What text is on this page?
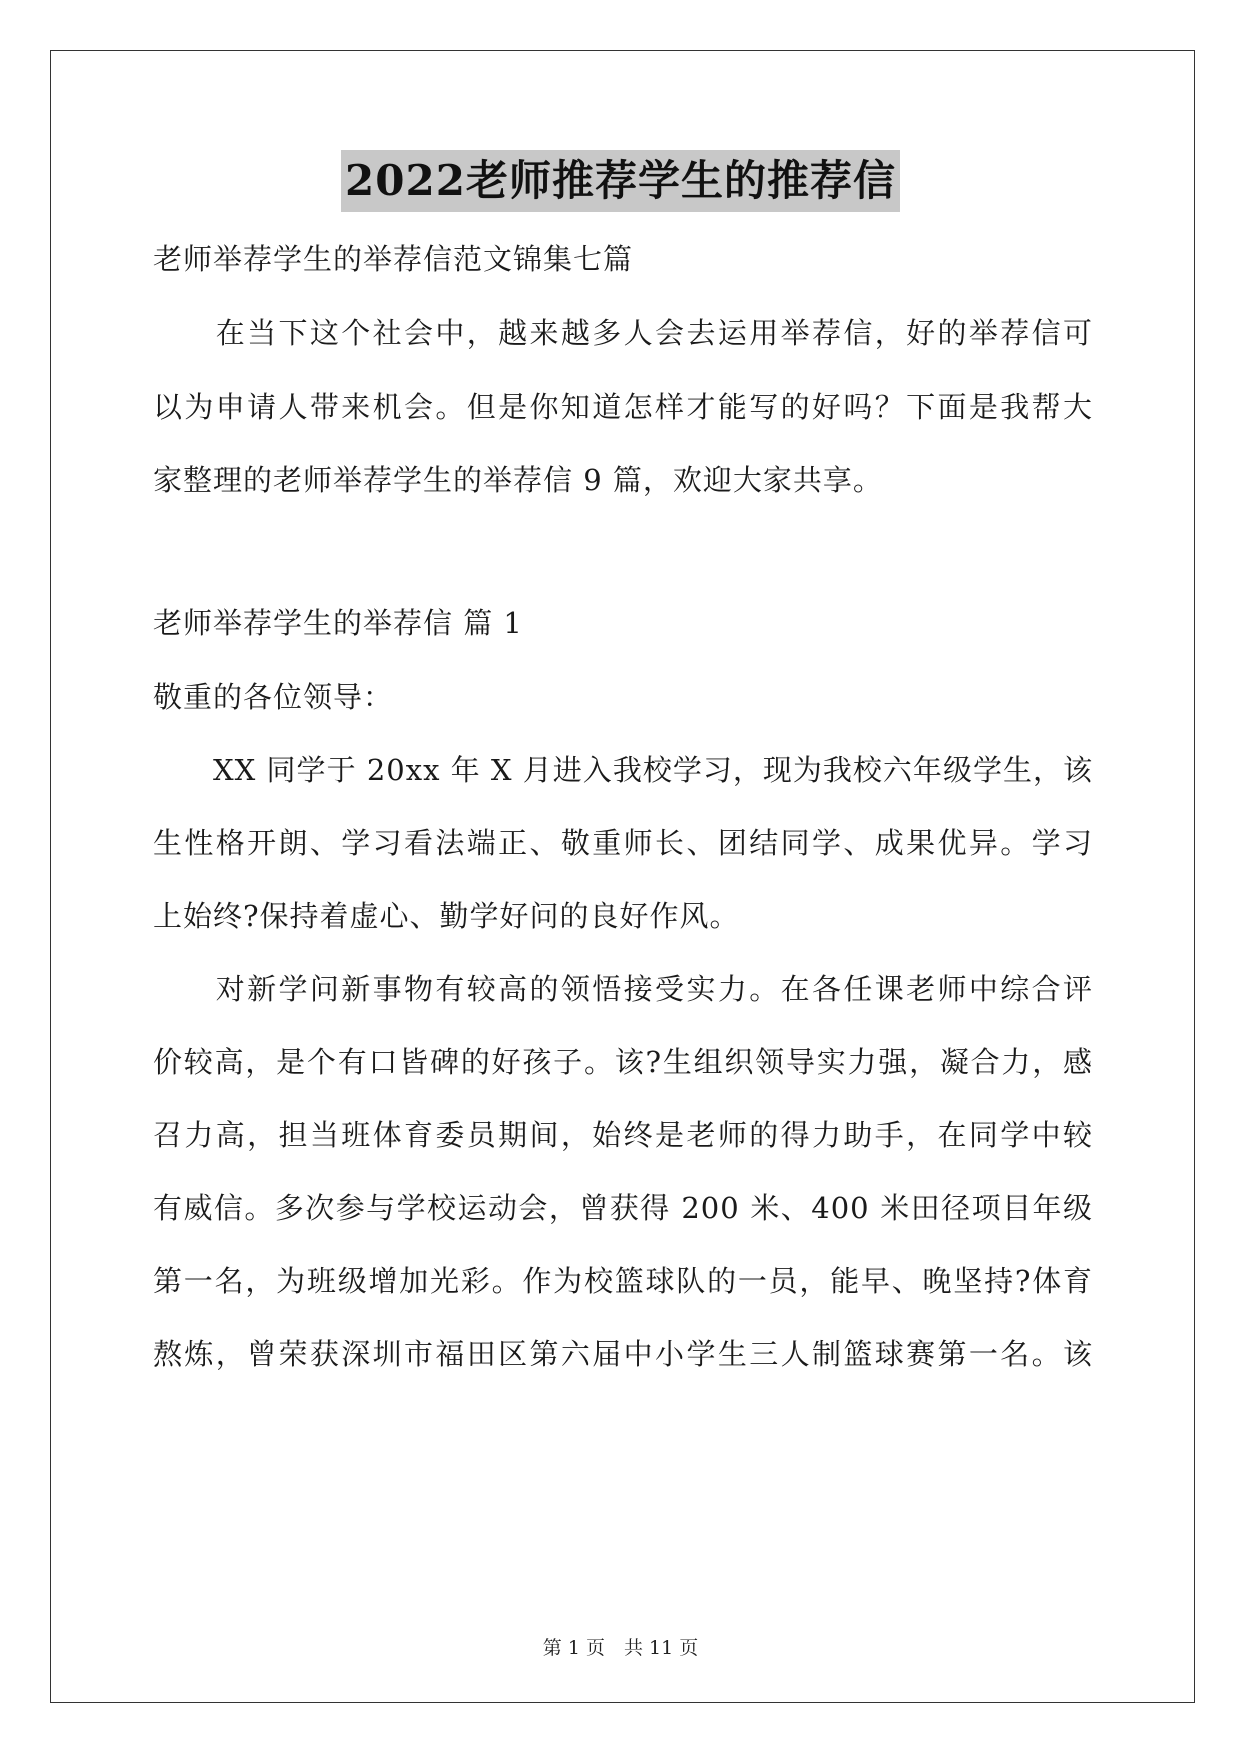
2022老师推荐学生的推荐信
老师举荐学生的举荐信范文锦集七篇
　　在当下这个社会中，越来越多人会去运用举荐信，好的举荐信可
以为申请人带来机会。但是你知道怎样才能写的好吗？下面是我帮大
家整理的老师举荐学生的举荐信 9 篇，欢迎大家共享。
老师举荐学生的举荐信 篇 1
敬重的各位领导：
　　XX 同学于 20xx 年 X 月进入我校学习，现为我校六年级学生，该
生性格开朗、学习看法端正、敬重师长、团结同学、成果优异。学习
上始终?保持着虚心、勤学好问的良好作风。
　　对新学问新事物有较高的领悟接受实力。在各任课老师中综合评
价较高，是个有口皆碑的好孩子。该?生组织领导实力强，凝合力，感
召力高，担当班体育委员期间，始终是老师的得力助手，在同学中较
有威信。多次参与学校运动会，曾获得 200 米、400 米田径项目年级
第一名，为班级增加光彩。作为校篮球队的一员，能早、晚坚持?体育
熬炼，曾荣获深圳市福田区第六届中小学生三人制篮球赛第一名。该
第 1 页　共 11 页
